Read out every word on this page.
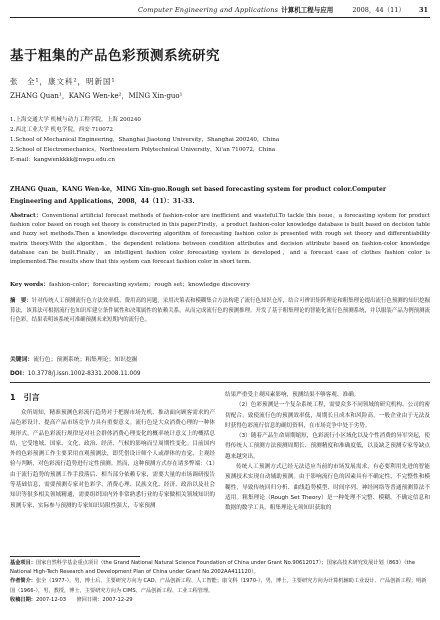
Computer Engineering and Applications 计算机工程与应用	2008，44（11） 31
基于粗集的产品色彩预测系统研究
张　全¹，康文科²，明新国¹
ZHANG Quan¹，KANG Wen-ke²，MING Xin-guo¹
1.上海交通大学 机械与动力工程学院，上海 200240
2.西北工业大学 机电学院，西安 710072
1.School of Mechanical Engineering，Shanghai Jiaotong University，Shanghai 200240，China
2.School of Electromechanics，Northwestern Polytechnical University，Xi'an 710072，China
E-mail：kangwenkkkk@nwpu.edu.cn
ZHANG Quan，KANG Wen-ke，MING Xin-guo.Rough set based forecasting system for product color.Computer Engineering and Applications，2008，44（11）：31-33.
Abstract：Conventional artificial forecast methods of fashion-color are inefficient and wasteful.To tackle this issue，a forecasting system for product fashion color based on rough set theory is constructed in this paper.Firstly，a product fashion-color knowledge database is built based on decision table and fuzzy set methods.Then a knowledge discovering algorithm of forecasting fashion color is presented with rough set theory and differentiability matrix theory.With the algorithm，the dependent relations between condition attributes and decision attribute based on fashion-color knowledge database can be built.Finally，an intelligent fashion color forecasting system is developed，and a forecast case of clothes fashion color is implemented.The results show that this system can forecast fashion color in short term.
Key words：fashion-color；forecasting system；rough set；knowledge discovery
摘　要：针对传统人工预测流行色方法效率低、费用高的问题，采用决策表和模糊集合方法构建了流行色知识仓库，结合可辨识矩阵理论和粗集理论提出流行色预测的知识挖掘算法，该算法可根据流行色知识库建立条件属性和决策属性的依赖关系，从而完成流行色的预测推理。开发了基于粗集理论的智能化流行色预测系统，并以服装产品为例预测流行色彩，结果表明该系统可准确预测未来短期内的流行色。
关键词：流行色；预测系统；粗集理论；知识挖掘
DOI：10.3778/j.issn.1002-8331.2008.11.009
1　引言

众所周知，精准预测色彩流行趋势对于把握市场先机、推动面向顾客需求的产品色彩设计、提高产品市场竞争力具有重要意义。流行色是大众消费心理的一种体现形式，产品色彩流行规律是对社会群体消费心理变化的概率统计意义上的概括总结，它受地域、国家、文化、政治、经济、气候的影响而呈周期性变化。目前国内外的色彩预测工作主要采用直观预测法，即凭借设计师个人或群体的直觉、主观经验与判断，对色彩流行趋势进行定性预测。然而，这种预测方式存在诸多弊端：（1）由于流行趋势的预测工作手段落后、相当部分依赖专家，需要大量的市场调研报告等基础信息，需要预测专家对色彩学、消费心理、民族文化、经济、政治以及社会知识等很多相关领域精通，需要组织国内外非常熟悉行业的专家做相关领域知识的预测专家，实际参与预测的专家知识局限性强大，专家预测

结果严重受主观因素影响，预测结果不够客观、准确。

（2）色彩预测是一个复杂系统工程，需要众多不同领域的研究机构、公司的密切配合，致使流行色的预测效率低，周期长且成本和风险高。一般企业由于无法及时获得色彩流行信息的确切资料，在市场竞争中处于劣势。

（3）随着产品生命周期缩短，色彩流行小区域化以及个性消费的异军突起，使得传统人工预测方法预测周期长、预测精度和准确度低，以及缺乏预测专家等缺点越来越突出。

传统人工预测方式已经无法适应当前的市场发展需求，有必要利用先进的智能预测技术实现自动辅助预测。由于影响流行色的因素具有不确定性、不完整性和模糊性，导致传统回归分析、曲线趋势模型、时间序列、神经网络等普通预测算法不适用。粗集理论（Rough Set Theory）是一种处理不完整、模糊、不确定信息和数据的数学工具。粗集理论无须知识获取的

基金项目：国家自然科学基金重点项目（the Grand National Natural Science Foundation of China under Grant No.90612017）；国家高技术研究发展计划（863）（the National High-Tech Research and Development Plan of China under Grant No.2002AA411120）。
作者简介：张全（1977-），男，博士后，主要研究方向为 CAD、产品创新工程、人工智能；康文科（1970-），男，博士，主要研究方向为计算机辅助工业设计、产品创新工程；明新国（1966-），男，教授，博士，主要研究方向为 CIMS、产品创新工程、工业工程管理。
收稿日期：2007-12-03　　修回日期：2007-12-29
